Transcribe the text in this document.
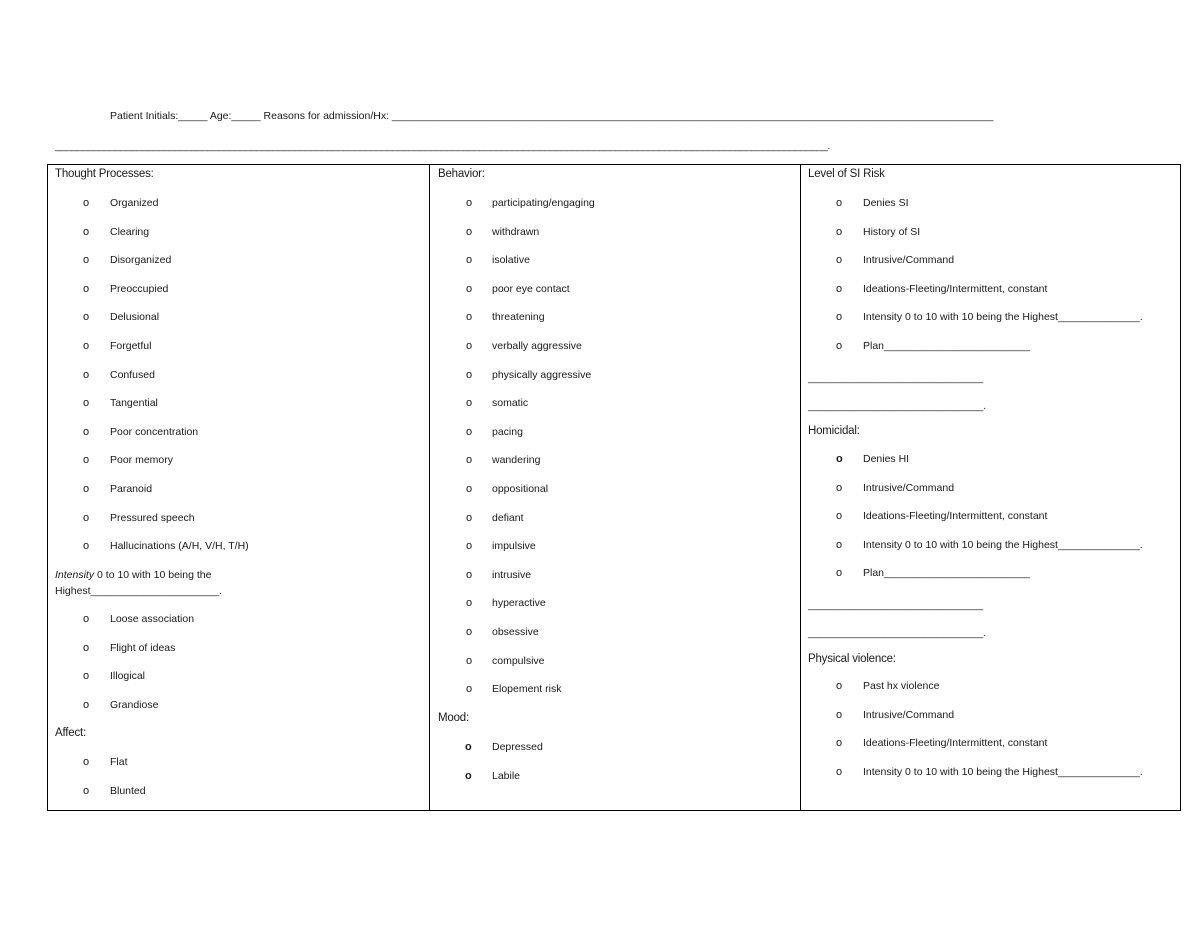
Patient Initials:_____ Age:_____ Reasons for admission/Hx: _______________________________________________________________________________________________________
______________________________________________________________________________________________________________________________________________.
Thought Processes:
o Organized
o Clearing
o Disorganized
o Preoccupied
o Delusional
o Forgetful
o Confused
o Tangential
o Poor concentration
o Poor memory
o Paranoid
o Pressured speech
o Hallucinations (A/H, V/H, T/H)
Intensity 0 to 10 with 10 being the
Highest______________________.
o Loose association
o Flight of ideas
o Illogical
o Grandiose
Affect:
o Flat
o Blunted
Behavior:
o participating/engaging
o withdrawn
o isolative
o poor eye contact
o threatening
o verbally aggressive
o physically aggressive
o somatic
o pacing
o wandering
o oppositional
o defiant
o impulsive
o intrusive
o hyperactive
o obsessive
o compulsive
o Elopement risk
Mood:
o Depressed
o Labile
Level of SI Risk
o Denies SI
o History of SI
o Intrusive/Command
o Ideations-Fleeting/Intermittent, constant
o Intensity 0 to 10 with 10 being the Highest______________.
o Plan_________________________
______________________________
______________________________.
Homicidal:
o Denies HI
o Intrusive/Command
o Ideations-Fleeting/Intermittent, constant
o Intensity 0 to 10 with 10 being the Highest______________.
o Plan_________________________
______________________________
______________________________.
Physical violence:
o Past hx violence
o Intrusive/Command
o Ideations-Fleeting/Intermittent, constant
o Intensity 0 to 10 with 10 being the Highest______________.
